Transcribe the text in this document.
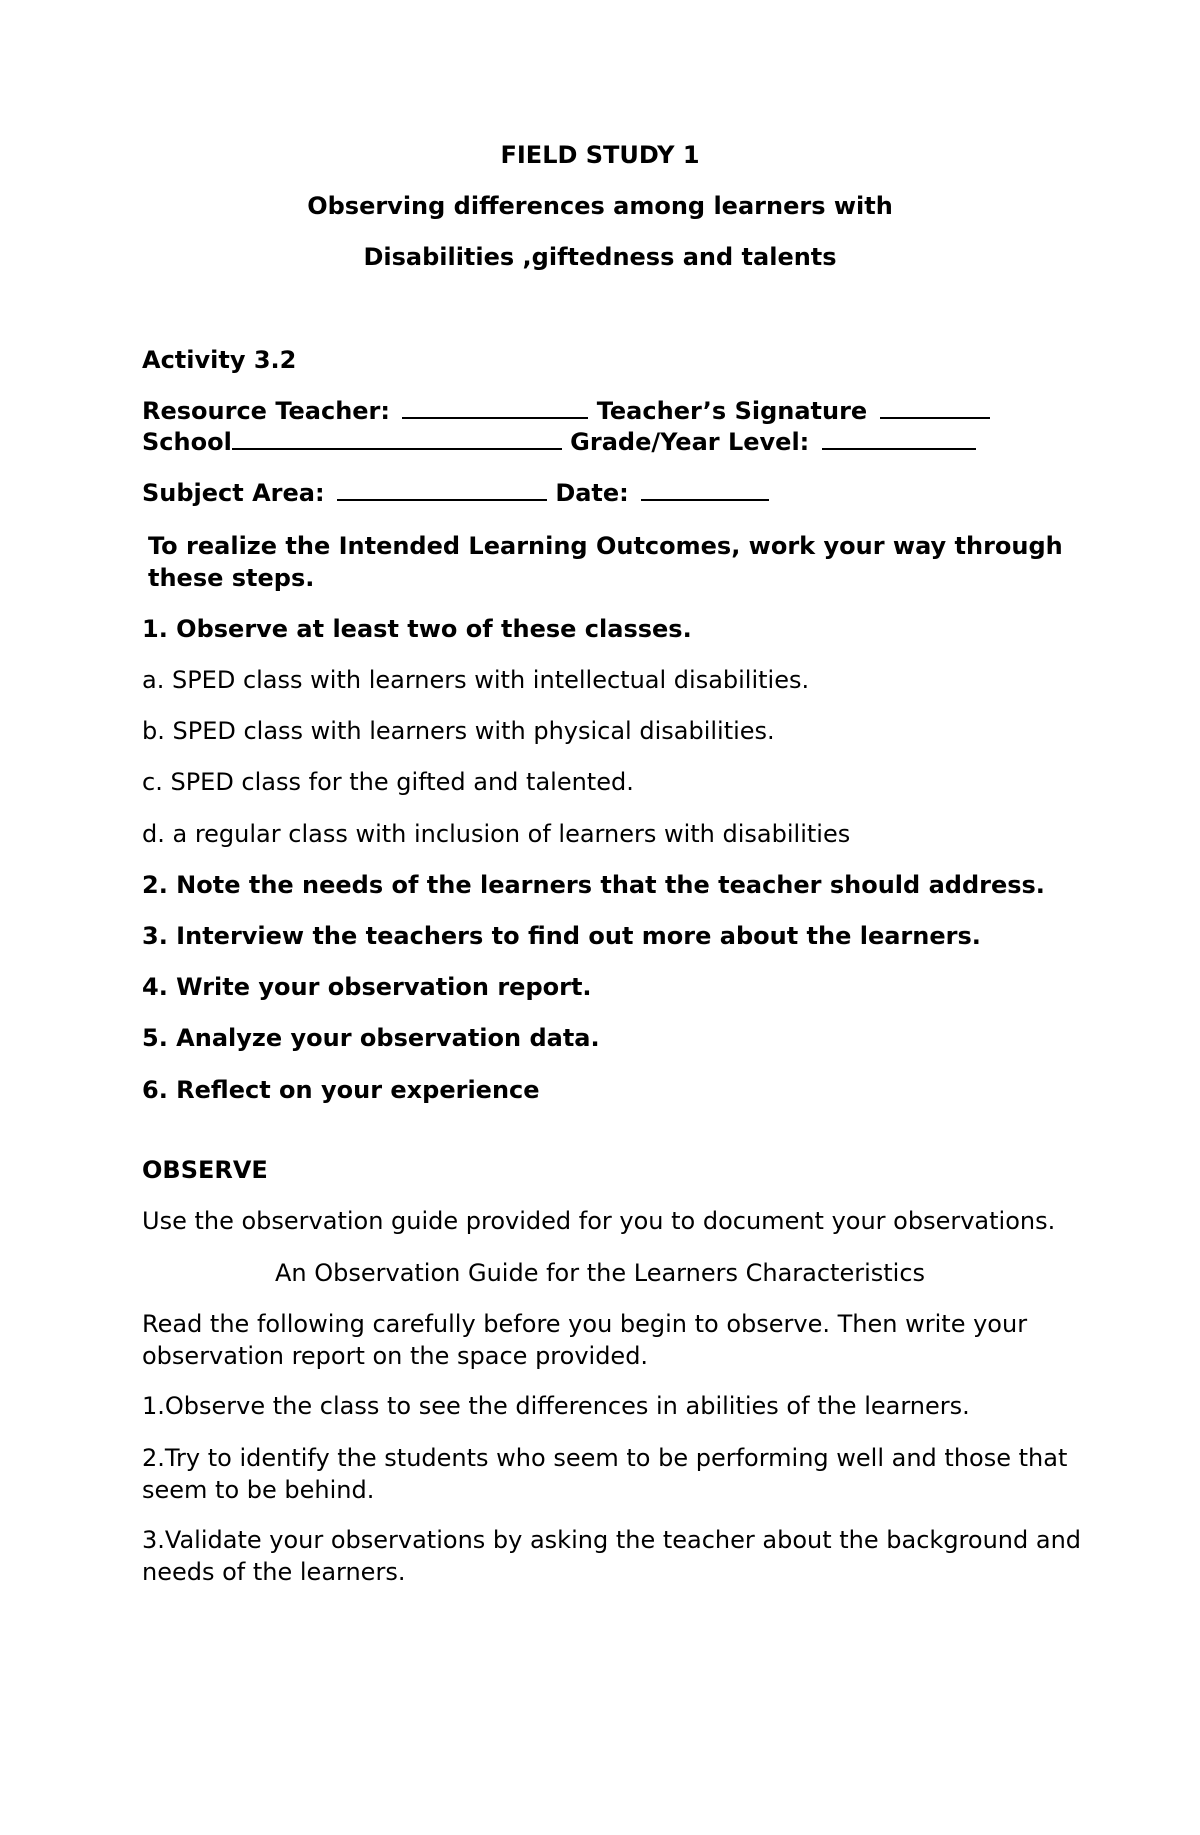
FIELD STUDY 1
Observing differences among learners with
Disabilities ,giftedness and talents
Activity 3.2
Resource Teacher:	Teacher’s Signature
School	Grade/Year Level:
Subject Area:	Date:
To realize the Intended Learning Outcomes, work your way through these steps.
1. Observe at least two of these classes.
a. SPED class with learners with intellectual disabilities.
b. SPED class with learners with physical disabilities.
c. SPED class for the gifted and talented.
d. a regular class with inclusion of learners with disabilities
2. Note the needs of the learners that the teacher should address.
3. Interview the teachers to find out more about the learners.
4. Write your observation report.
5. Analyze your observation data.
6. Reflect on your experience
OBSERVE
Use the observation guide provided for you to document your observations.
An Observation Guide for the Learners Characteristics
Read the following carefully before you begin to observe. Then write your observation report on the space provided.
1.Observe the class to see the differences in abilities of the learners.
2.Try to identify the students who seem to be performing well and those that seem to be behind.
3.Validate your observations by asking the teacher about the background and needs of the learners.
